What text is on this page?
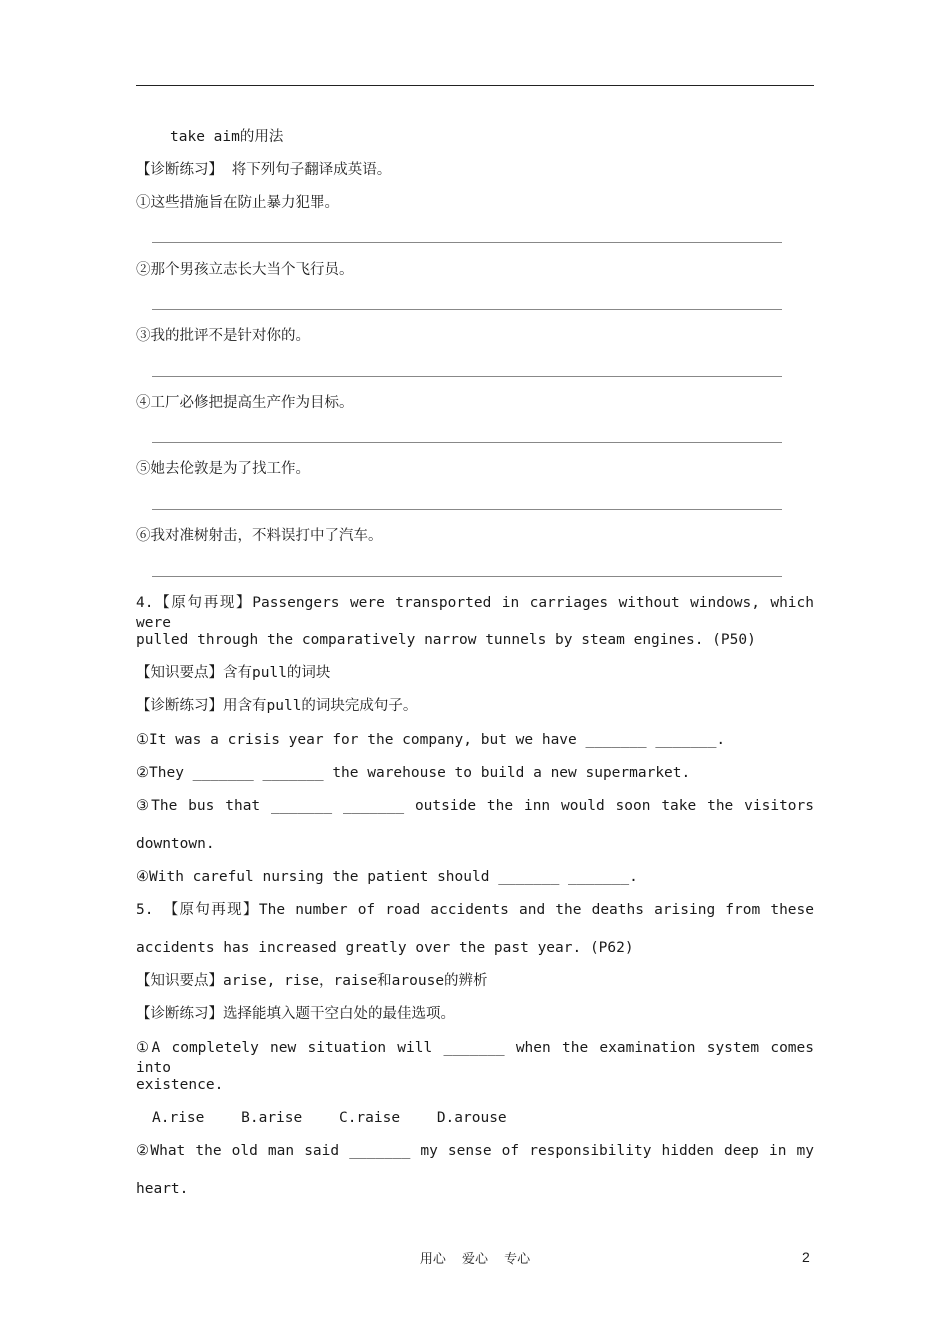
take aim的用法
【诊断练习】 将下列句子翻译成英语。
①这些措施旨在防止暴力犯罪。
②那个男孩立志长大当个飞行员。
③我的批评不是针对你的。
④工厂必修把提高生产作为目标。
⑤她去伦敦是为了找工作。
⑥我对准树射击，不料误打中了汽车。
4.【原句再现】Passengers were transported in carriages without windows, which were
pulled through the comparatively narrow tunnels by steam engines. (P50)
【知识要点】含有pull的词块
【诊断练习】用含有pull的词块完成句子。
①It was a crisis year for the company, but we have _______ _______.
②They _______ _______ the warehouse to build a new supermarket.
③The bus that _______ _______ outside the inn would soon take the visitors
downtown.
④With careful nursing the patient should _______ _______.
5. 【原句再现】The number of road accidents and the deaths arising from these
accidents has increased greatly over the past year. (P62)
【知识要点】arise, rise，raise和arouse的辨析
【诊断练习】选择能填入题干空白处的最佳选项。
①A completely new situation will _______ when the examination system comes into
existence.
A.rise	B.arise	C.raise	D.arouse
②What the old man said _______ my sense of responsibility hidden deep in my
heart.
用心 爱心 专心	2
